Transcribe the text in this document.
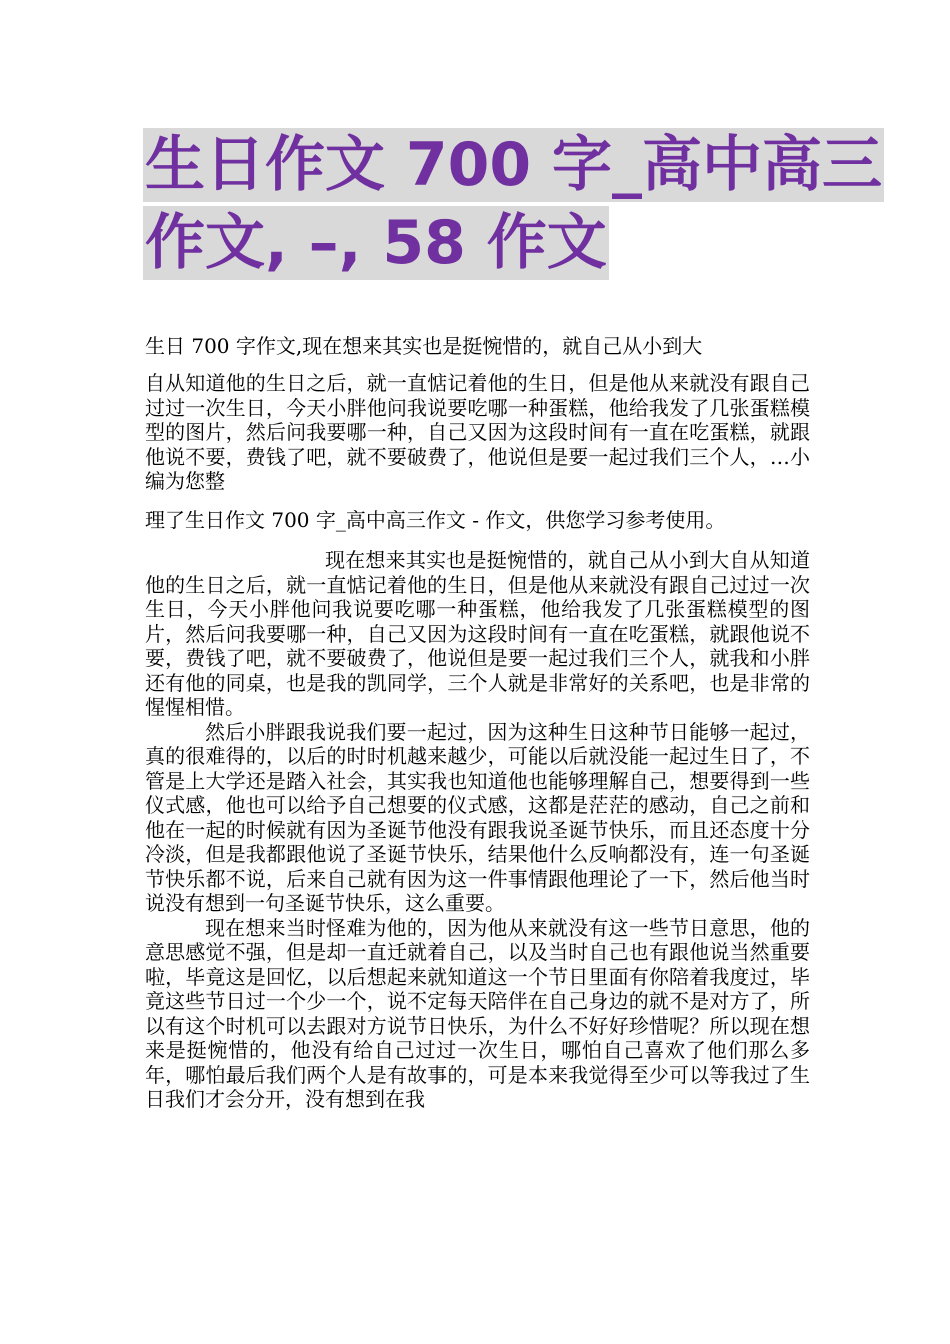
生日作文 700 字_高中高三
作文, –, 58 作文

生日 700 字作文,现在想来其实也是挺惋惜的，就自己从小到大

自从知道他的生日之后，就一直惦记着他的生日，但是他从来就没有跟自己过过一次生日，今天小胖他问我说要吃哪一种蛋糕，他给我发了几张蛋糕模型的图片，然后问我要哪一种，自己又因为这段时间有一直在吃蛋糕，就跟他说不要，费钱了吧，就不要破费了，他说但是要一起过我们三个人，…小编为您整

理了生日作文 700 字_高中高三作文 - 作文，供您学习参考使用。

现在想来其实也是挺惋惜的，就自己从小到大自从知道他的生日之后，就一直惦记着他的生日，但是他从来就没有跟自己过过一次生日，今天小胖他问我说要吃哪一种蛋糕，他给我发了几张蛋糕模型的图片，然后问我要哪一种，自己又因为这段时间有一直在吃蛋糕，就跟他说不要，费钱了吧，就不要破费了，他说但是要一起过我们三个人，就我和小胖还有他的同桌，也是我的凯同学，三个人就是非常好的关系吧，也是非常的惺惺相惜。

然后小胖跟我说我们要一起过，因为这种生日这种节日能够一起过，真的很难得的，以后的时时机越来越少，可能以后就没能一起过生日了，不管是上大学还是踏入社会，其实我也知道他也能够理解自己，想要得到一些仪式感，他也可以给予自己想要的仪式感，这都是茫茫的感动，自己之前和他在一起的时候就有因为圣诞节他没有跟我说圣诞节快乐，而且还态度十分冷淡，但是我都跟他说了圣诞节快乐，结果他什么反响都没有，连一句圣诞节快乐都不说，后来自己就有因为这一件事情跟他理论了一下，然后他当时说没有想到一句圣诞节快乐，这么重要。

现在想来当时怪难为他的，因为他从来就没有这一些节日意思，他的意思感觉不强，但是却一直迁就着自己，以及当时自己也有跟他说当然重要啦，毕竟这是回忆，以后想起来就知道这一个节日里面有你陪着我度过，毕竟这些节日过一个少一个，说不定每天陪伴在自己身边的就不是对方了，所以有这个时机可以去跟对方说节日快乐，为什么不好好珍惜呢？所以现在想来是挺惋惜的，他没有给自己过过一次生日，哪怕自己喜欢了他们那么多年，哪怕最后我们两个人是有故事的，可是本来我觉得至少可以等我过了生日我们才会分开，没有想到在我
